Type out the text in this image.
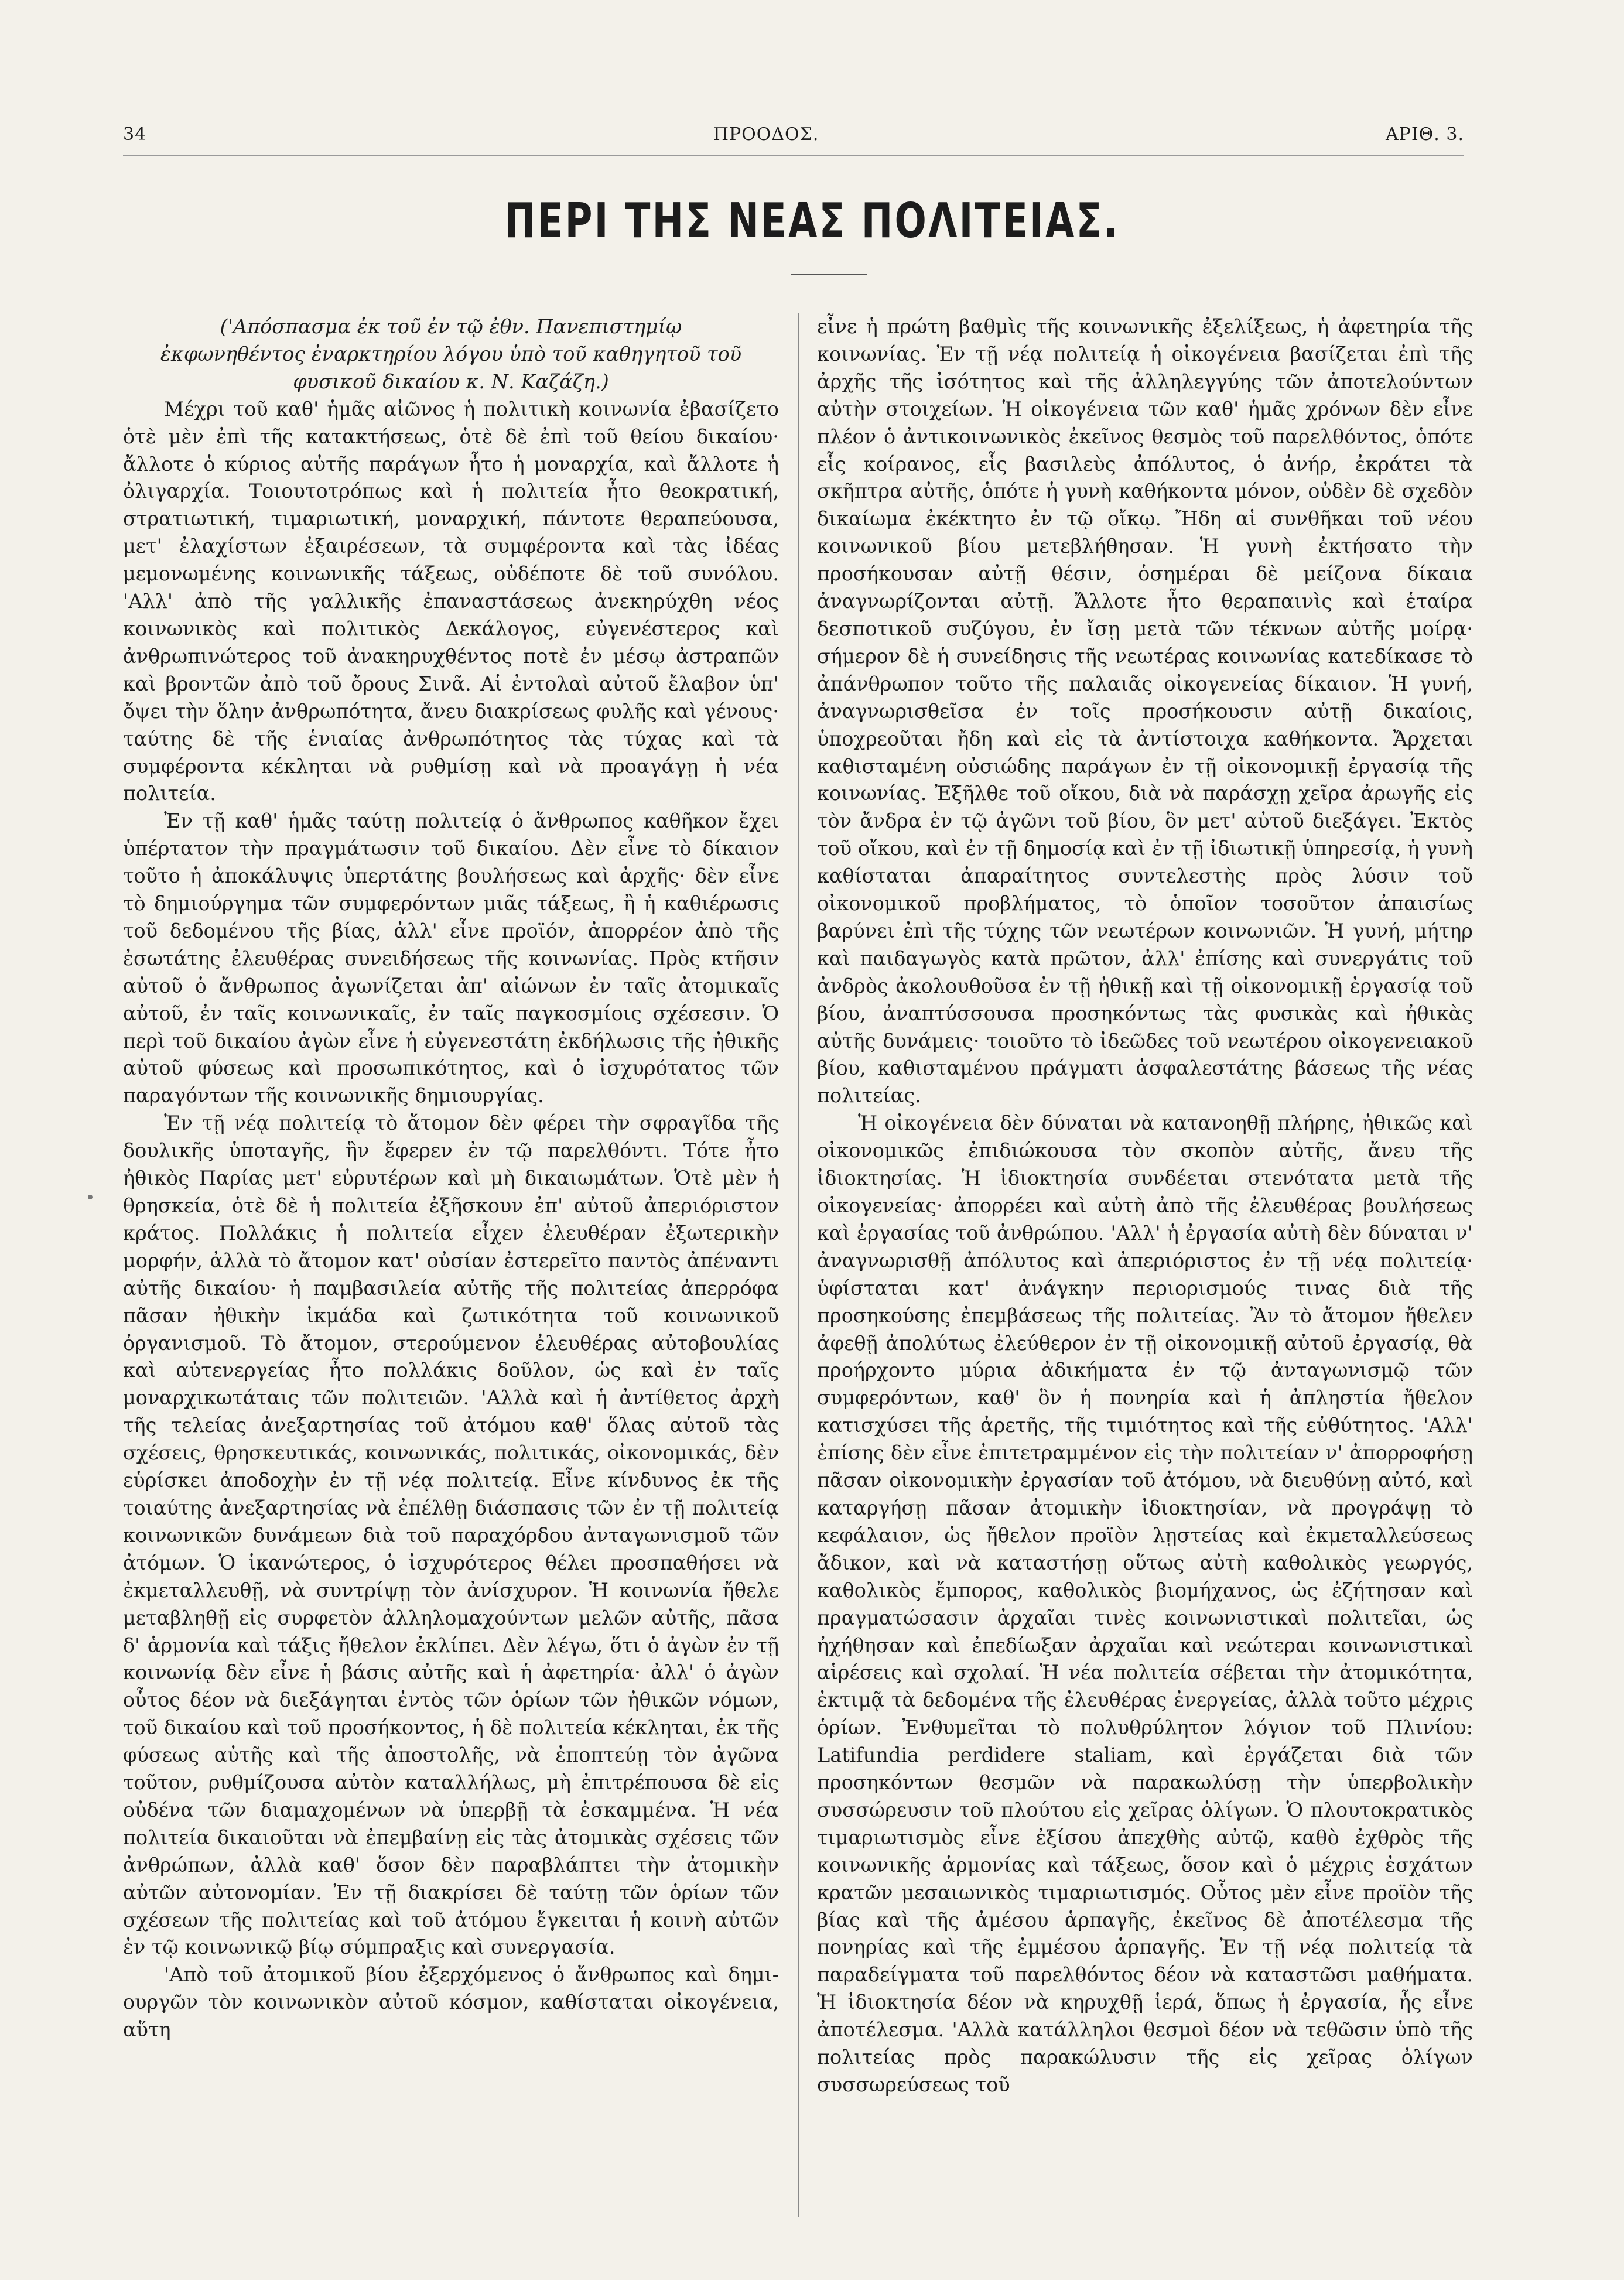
34	ΠΡΟΟΔΟΣ.	ΑΡΙΘ. 3.
ΠΕΡΙ ΤΗΣ ΝΕΑΣ ΠΟΛΙΤΕΙΑΣ.

('Απόσπασμα ἐκ τοῦ ἐν τῷ ἐθν. Πανεπιστημίῳ ἐκφωνηθέντος ἐναρκτηρίου λόγου ὑπὸ τοῦ καθηγητοῦ τοῦ φυσικοῦ δικαίου κ. Ν. Καζάζη.)

Μέχρι τοῦ καθ' ἡμᾶς αἰῶνος ἡ πολιτικὴ κοινωνία ἐβασίζετο ὁτὲ μὲν ἐπὶ τῆς κατακτήσεως, ὁτὲ δὲ ἐπὶ τοῦ θείου δικαίου· ἄλλοτε ὁ κύριος αὐτῆς παράγων ἦτο ἡ μοναρχία, καὶ ἄλλοτε ἡ ὀλιγαρχία. Τοιουτοτρόπως καὶ ἡ πολιτεία ἦτο θεοκρατική, στρατιωτική, τιμαριωτική, μοναρχική, πάντοτε θεραπεύουσα, μετ' ἐλαχίστων ἐξαιρέσεων, τὰ συμφέροντα καὶ τὰς ἰδέας μεμονωμένης κοινωνικῆς τάξεως, οὐδέποτε δὲ τοῦ συνόλου. 'Αλλ' ἀπὸ τῆς γαλλικῆς ἐπαναστάσεως ἀνεκηρύχθη νέος κοινωνικὸς καὶ πολιτικὸς Δεκάλογος, εὐγενέστερος καὶ ἀνθρωπινώτερος τοῦ ἀνακηρυχθέντος ποτὲ ἐν μέσῳ ἀστραπῶν καὶ βροντῶν ἀπὸ τοῦ ὄρους Σινᾶ. Αἱ ἐντολαὶ αὐτοῦ ἔλαβον ὑπ' ὄψει τὴν ὅλην ἀνθρωπότητα, ἄνευ διακρίσεως φυλῆς καὶ γένους· ταύτης δὲ τῆς ἑνιαίας ἀνθρωπότητος τὰς τύχας καὶ τὰ συμφέροντα κέκληται νὰ ρυθμίσῃ καὶ νὰ προαγάγῃ ἡ νέα πολιτεία.

Ἐν τῇ καθ' ἡμᾶς ταύτῃ πολιτείᾳ ὁ ἄνθρωπος καθῆκον ἔχει ὑπέρτατον τὴν πραγμάτωσιν τοῦ δικαίου. Δὲν εἶνε τὸ δίκαιον τοῦτο ἡ ἀποκάλυψις ὑπερτάτης βουλήσεως καὶ ἀρχῆς· δὲν εἶνε τὸ δημιούργημα τῶν συμφερόντων μιᾶς τάξεως, ἢ ἡ καθιέρωσις τοῦ δεδομένου τῆς βίας, ἀλλ' εἶνε προϊόν, ἀπορρέον ἀπὸ τῆς ἐσωτάτης ἐλευθέρας συνειδήσεως τῆς κοινωνίας. Πρὸς κτῆσιν αὐτοῦ ὁ ἄνθρωπος ἀγωνίζεται ἀπ' αἰώνων ἐν ταῖς ἀτομικαῖς αὐτοῦ, ἐν ταῖς κοινωνικαῖς, ἐν ταῖς παγκοσμίοις σχέσεσιν. Ὁ περὶ τοῦ δικαίου ἀγὼν εἶνε ἡ εὐγενεστάτη ἐκδήλωσις τῆς ἠθικῆς αὐτοῦ φύσεως καὶ προσωπικότητος, καὶ ὁ ἰσχυρότατος τῶν παραγόντων τῆς κοινωνικῆς δημιουργίας.

Ἐν τῇ νέᾳ πολιτείᾳ τὸ ἄτομον δὲν φέρει τὴν σφραγῖδα τῆς δουλικῆς ὑποταγῆς, ἣν ἔφερεν ἐν τῷ παρελθόντι. Τότε ἦτο ἠθικὸς Παρίας μετ' εὐρυτέρων καὶ μὴ δικαιωμάτων. Ὁτὲ μὲν ἡ θρησκεία, ὁτὲ δὲ ἡ πολιτεία ἐξῆσκουν ἐπ' αὐτοῦ ἀπεριόριστον κράτος. Πολλάκις ἡ πολιτεία εἶχεν ἐλευθέραν ἐξωτερικὴν μορφήν, ἀλλὰ τὸ ἄτομον κατ' οὐσίαν ἐστερεῖτο παντὸς ἀπέναντι αὐτῆς δικαίου· ἡ παμβασιλεία αὐτῆς τῆς πολιτείας ἀπερρόφα πᾶσαν ἠθικὴν ἰκμάδα καὶ ζωτικότητα τοῦ κοινωνικοῦ ὀργανισμοῦ. Τὸ ἄτομον, στερούμενον ἐλευθέρας αὐτοβουλίας καὶ αὐτενεργείας ἦτο πολλάκις δοῦλον, ὡς καὶ ἐν ταῖς μοναρχικωτάταις τῶν πολιτειῶν. 'Αλλὰ καὶ ἡ ἀντίθετος ἀρχὴ τῆς τελείας ἀνεξαρτησίας τοῦ ἀτόμου καθ' ὅλας αὐτοῦ τὰς σχέσεις, θρησκευτικάς, κοινωνικάς, πολιτικάς, οἰκονομικάς, δὲν εὑρίσκει ἀποδοχὴν ἐν τῇ νέᾳ πολιτείᾳ. Εἶνε κίνδυνος ἐκ τῆς τοιαύτης ἀνεξαρτησίας νὰ ἐπέλθῃ διάσπασις τῶν ἐν τῇ πολιτείᾳ κοινωνικῶν δυνάμεων διὰ τοῦ παραχόρδου ἀνταγωνισμοῦ τῶν ἀτόμων. Ὁ ἱκανώτερος, ὁ ἰσχυρότερος θέλει προσπαθήσει νὰ ἐκμεταλλευθῇ, νὰ συντρίψῃ τὸν ἀνίσχυρον. Ἡ κοινωνία ἤθελε μεταβληθῇ εἰς συρφετὸν ἀλληλομαχούντων μελῶν αὐτῆς, πᾶσα δ' ἁρμονία καὶ τάξις ἤθελον ἐκλίπει. Δὲν λέγω, ὅτι ὁ ἀγὼν ἐν τῇ κοινωνίᾳ δὲν εἶνε ἡ βάσις αὐτῆς καὶ ἡ ἀφετηρία· ἀλλ' ὁ ἀγὼν οὗτος δέον νὰ διεξάγηται ἐντὸς τῶν ὁρίων τῶν ἠθικῶν νόμων, τοῦ δικαίου καὶ τοῦ προσήκοντος, ἡ δὲ πολιτεία κέκληται, ἐκ τῆς φύσεως αὐτῆς καὶ τῆς ἀποστολῆς, νὰ ἐποπτεύῃ τὸν ἀγῶνα τοῦτον, ρυθμίζουσα αὐτὸν καταλλήλως, μὴ ἐπιτρέπουσα δὲ εἰς οὐδένα τῶν διαμαχομένων νὰ ὑπερβῇ τὰ ἐσκαμμένα. Ἡ νέα πολιτεία δικαιοῦται νὰ ἐπεμβαίνῃ εἰς τὰς ἀτομικὰς σχέσεις τῶν ἀνθρώπων, ἀλλὰ καθ' ὅσον δὲν παραβλάπτει τὴν ἀτομικὴν αὐτῶν αὐτονομίαν. Ἐν τῇ διακρίσει δὲ ταύτῃ τῶν ὁρίων τῶν σχέσεων τῆς πολιτείας καὶ τοῦ ἀτόμου ἔγκειται ἡ κοινὴ αὐτῶν ἐν τῷ κοινωνικῷ βίῳ σύμπραξις καὶ συνεργασία.

'Απὸ τοῦ ἀτομικοῦ βίου ἐξερχόμενος ὁ ἄνθρωπος καὶ δημιουργῶν τὸν κοινωνικὸν αὐτοῦ κόσμον, καθίσταται οἰκογένεια, αὕτη

εἶνε ἡ πρώτη βαθμὶς τῆς κοινωνικῆς ἐξελίξεως, ἡ ἀφετηρία τῆς κοινωνίας. Ἐν τῇ νέᾳ πολιτείᾳ ἡ οἰκογένεια βασίζεται ἐπὶ τῆς ἀρχῆς τῆς ἰσότητος καὶ τῆς ἀλληλεγγύης τῶν ἀποτελούντων αὐτὴν στοιχείων. Ἡ οἰκογένεια τῶν καθ' ἡμᾶς χρόνων δὲν εἶνε πλέον ὁ ἀντικοινωνικὸς ἐκεῖνος θεσμὸς τοῦ παρελθόντος, ὁπότε εἷς κοίρανος, εἷς βασιλεὺς ἀπόλυτος, ὁ ἀνήρ, ἐκράτει τὰ σκῆπτρα αὐτῆς, ὁπότε ἡ γυνὴ καθήκοντα μόνον, οὐδὲν δὲ σχεδὸν δικαίωμα ἐκέκτητο ἐν τῷ οἴκῳ. Ἤδη αἱ συνθῆκαι τοῦ νέου κοινωνικοῦ βίου μετεβλήθησαν. Ἡ γυνὴ ἐκτήσατο τὴν προσήκουσαν αὐτῇ θέσιν, ὁσημέραι δὲ μείζονα δίκαια ἀναγνωρίζονται αὐτῇ. Ἄλλοτε ἦτο θεραπαινὶς καὶ ἑταίρα δεσποτικοῦ συζύγου, ἐν ἴσῃ μετὰ τῶν τέκνων αὐτῆς μοίρᾳ· σήμερον δὲ ἡ συνείδησις τῆς νεωτέρας κοινωνίας κατεδίκασε τὸ ἀπάνθρωπον τοῦτο τῆς παλαιᾶς οἰκογενείας δίκαιον. Ἡ γυνή, ἀναγνωρισθεῖσα ἐν τοῖς προσήκουσιν αὐτῇ δικαίοις, ὑποχρεοῦται ἤδη καὶ εἰς τὰ ἀντίστοιχα καθήκοντα. Ἄρχεται καθισταμένη οὐσιώδης παράγων ἐν τῇ οἰκονομικῇ ἐργασίᾳ τῆς κοινωνίας. Ἐξῆλθε τοῦ οἴκου, διὰ νὰ παράσχῃ χεῖρα ἀρωγῆς εἰς τὸν ἄνδρα ἐν τῷ ἀγῶνι τοῦ βίου, ὃν μετ' αὐτοῦ διεξάγει. Ἐκτὸς τοῦ οἴκου, καὶ ἐν τῇ δημοσίᾳ καὶ ἐν τῇ ἰδιωτικῇ ὑπηρεσίᾳ, ἡ γυνὴ καθίσταται ἀπαραίτητος συντελεστὴς πρὸς λύσιν τοῦ οἰκονομικοῦ προβλήματος, τὸ ὁποῖον τοσοῦτον ἀπαισίως βαρύνει ἐπὶ τῆς τύχης τῶν νεωτέρων κοινωνιῶν. Ἡ γυνή, μήτηρ καὶ παιδαγωγὸς κατὰ πρῶτον, ἀλλ' ἐπίσης καὶ συνεργάτις τοῦ ἀνδρὸς ἀκολουθοῦσα ἐν τῇ ἠθικῇ καὶ τῇ οἰκονομικῇ ἐργασίᾳ τοῦ βίου, ἀναπτύσσουσα προσηκόντως τὰς φυσικὰς καὶ ἠθικὰς αὐτῆς δυνάμεις· τοιοῦτο τὸ ἰδεῶδες τοῦ νεωτέρου οἰκογενειακοῦ βίου, καθισταμένου πράγματι ἀσφαλεστάτης βάσεως τῆς νέας πολιτείας.

Ἡ οἰκογένεια δὲν δύναται νὰ κατανοηθῇ πλήρης, ἠθικῶς καὶ οἰκονομικῶς ἐπιδιώκουσα τὸν σκοπὸν αὐτῆς, ἄνευ τῆς ἰδιοκτησίας. Ἡ ἰδιοκτησία συνδέεται στενότατα μετὰ τῆς οἰκογενείας· ἀπορρέει καὶ αὐτὴ ἀπὸ τῆς ἐλευθέρας βουλήσεως καὶ ἐργασίας τοῦ ἀνθρώπου. 'Αλλ' ἡ ἐργασία αὐτὴ δὲν δύναται ν' ἀναγνωρισθῇ ἀπόλυτος καὶ ἀπεριόριστος ἐν τῇ νέᾳ πολιτείᾳ· ὑφίσταται κατ' ἀνάγκην περιορισμούς τινας διὰ τῆς προσηκούσης ἐπεμβάσεως τῆς πολιτείας. Ἂν τὸ ἄτομον ἤθελεν ἀφεθῇ ἀπολύτως ἐλεύθερον ἐν τῇ οἰκονομικῇ αὐτοῦ ἐργασίᾳ, θὰ προήρχοντο μύρια ἀδικήματα ἐν τῷ ἀνταγωνισμῷ τῶν συμφερόντων, καθ' ὃν ἡ πονηρία καὶ ἡ ἀπληστία ἤθελον κατισχύσει τῆς ἀρετῆς, τῆς τιμιότητος καὶ τῆς εὐθύτητος. 'Αλλ' ἐπίσης δὲν εἶνε ἐπιτετραμμένον εἰς τὴν πολιτείαν ν' ἀπορροφήσῃ πᾶσαν οἰκονομικὴν ἐργασίαν τοῦ ἀτόμου, νὰ διευθύνῃ αὐτό, καὶ καταργήσῃ πᾶσαν ἀτομικὴν ἰδιοκτησίαν, νὰ προγράψῃ τὸ κεφάλαιον, ὡς ἤθελον προϊὸν λῃστείας καὶ ἐκμεταλλεύσεως ἄδικον, καὶ νὰ καταστήσῃ οὕτως αὐτὴ καθολικὸς γεωργός, καθολικὸς ἔμπορος, καθολικὸς βιομήχανος, ὡς ἐζήτησαν καὶ πραγματώσασιν ἀρχαῖαι τινὲς κοινωνιστικαὶ πολιτεῖαι, ὡς ἠχήθησαν καὶ ἐπεδίωξαν ἀρχαῖαι καὶ νεώτεραι κοινωνιστικαὶ αἱρέσεις καὶ σχολαί. Ἡ νέα πολιτεία σέβεται τὴν ἀτομικότητα, ἐκτιμᾷ τὰ δεδομένα τῆς ἐλευθέρας ἐνεργείας, ἀλλὰ τοῦτο μέχρις ὁρίων. Ἐνθυμεῖται τὸ πολυθρύλητον λόγιον τοῦ Πλινίου: Latifundia perdidere staliam, καὶ ἐργάζεται διὰ τῶν προσηκόντων θεσμῶν νὰ παρακωλύσῃ τὴν ὑπερβολικὴν συσσώρευσιν τοῦ πλούτου εἰς χεῖρας ὀλίγων. Ὁ πλουτοκρατικὸς τιμαριωτισμὸς εἶνε ἐξίσου ἀπεχθὴς αὐτῷ, καθὸ ἐχθρὸς τῆς κοινωνικῆς ἁρμονίας καὶ τάξεως, ὅσον καὶ ὁ μέχρις ἐσχάτων κρατῶν μεσαιωνικὸς τιμαριωτισμός. Οὗτος μὲν εἶνε προϊὸν τῆς βίας καὶ τῆς ἀμέσου ἁρπαγῆς, ἐκεῖνος δὲ ἀποτέλεσμα τῆς πονηρίας καὶ τῆς ἐμμέσου ἁρπαγῆς. Ἐν τῇ νέᾳ πολιτείᾳ τὰ παραδείγματα τοῦ παρελθόντος δέον νὰ καταστῶσι μαθήματα. Ἡ ἰδιοκτησία δέον νὰ κηρυχθῇ ἱερά, ὅπως ἡ ἐργασία, ἧς εἶνε ἀποτέλεσμα. 'Αλλὰ κατάλληλοι θεσμοὶ δέον νὰ τεθῶσιν ὑπὸ τῆς πολιτείας πρὸς παρακώλυσιν τῆς εἰς χεῖρας ὀλίγων συσσωρεύσεως τοῦ
